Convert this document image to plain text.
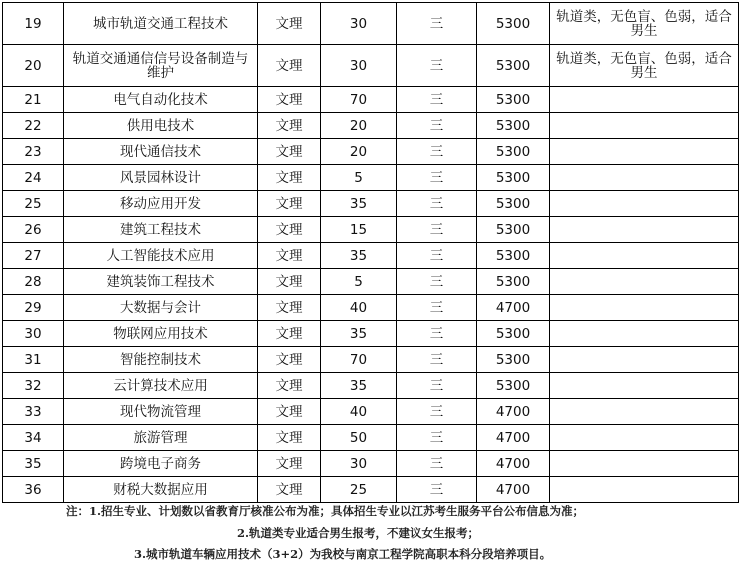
19	城市轨道交通工程技术	文理	30	三	5300	轨道类，无色盲、色弱，适合男生
20	轨道交通通信信号设备制造与维护	文理	30	三	5300	轨道类，无色盲、色弱，适合男生
21	电气自动化技术	文理	70	三	5300	
22	供用电技术	文理	20	三	5300	
23	现代通信技术	文理	20	三	5300	
24	风景园林设计	文理	5	三	5300	
25	移动应用开发	文理	35	三	5300	
26	建筑工程技术	文理	15	三	5300	
27	人工智能技术应用	文理	35	三	5300	
28	建筑装饰工程技术	文理	5	三	5300	
29	大数据与会计	文理	40	三	4700	
30	物联网应用技术	文理	35	三	5300	
31	智能控制技术	文理	70	三	5300	
32	云计算技术应用	文理	35	三	5300	
33	现代物流管理	文理	40	三	4700	
34	旅游管理	文理	50	三	4700	
35	跨境电子商务	文理	30	三	4700	
36	财税大数据应用	文理	25	三	4700	
注：1.招生专业、计划数以省教育厅核准公布为准；具体招生专业以江苏考生服务平台公布信息为准；
2.轨道类专业适合男生报考，不建议女生报考；
3.城市轨道车辆应用技术（3+2）为我校与南京工程学院高职本科分段培养项目。
